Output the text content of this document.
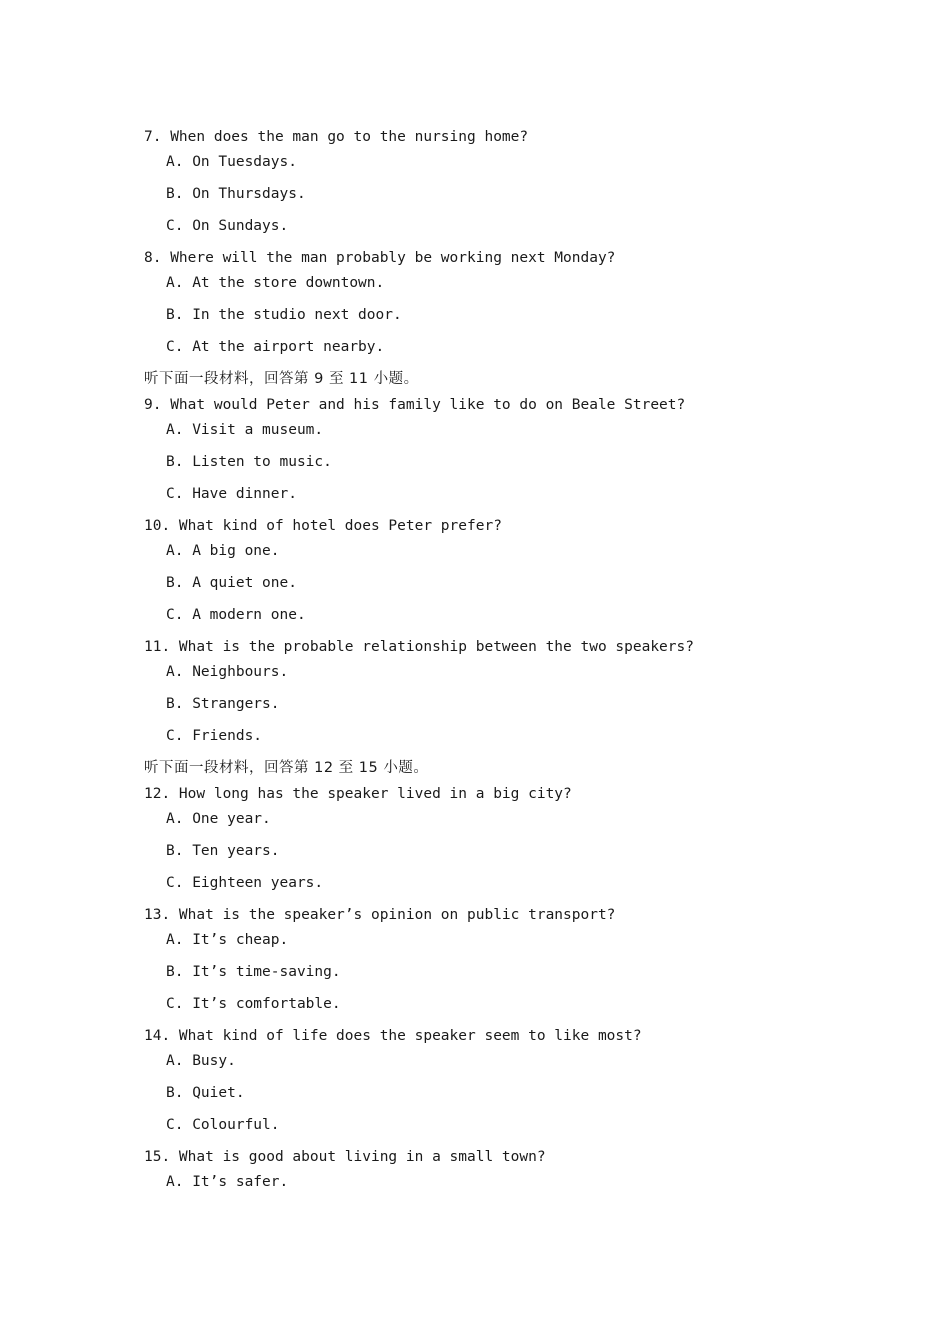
7. When does the man go to the nursing home?

A. On Tuesdays.
B. On Thursdays.
C. On Sundays.

8. Where will the man probably be working next Monday?

A. At the store downtown.
B. In the studio next door.
C. At the airport nearby.

听下面一段材料，回答第 9 至 11 小题。

9. What would Peter and his family like to do on Beale Street?

A. Visit a museum.
B. Listen to music.
C. Have dinner.

10. What kind of hotel does Peter prefer?

A. A big one.
B. A quiet one.
C. A modern one.

11. What is the probable relationship between the two speakers?

A. Neighbours.
B. Strangers.
C. Friends.

听下面一段材料，回答第 12 至 15 小题。

12. How long has the speaker lived in a big city?

A. One year.
B. Ten years.
C. Eighteen years.

13. What is the speaker’s opinion on public transport?

A. It’s cheap.
B. It’s time-saving.
C. It’s comfortable.

14. What kind of life does the speaker seem to like most?

A. Busy.
B. Quiet.
C. Colourful.

15. What is good about living in a small town?

A. It’s safer.
